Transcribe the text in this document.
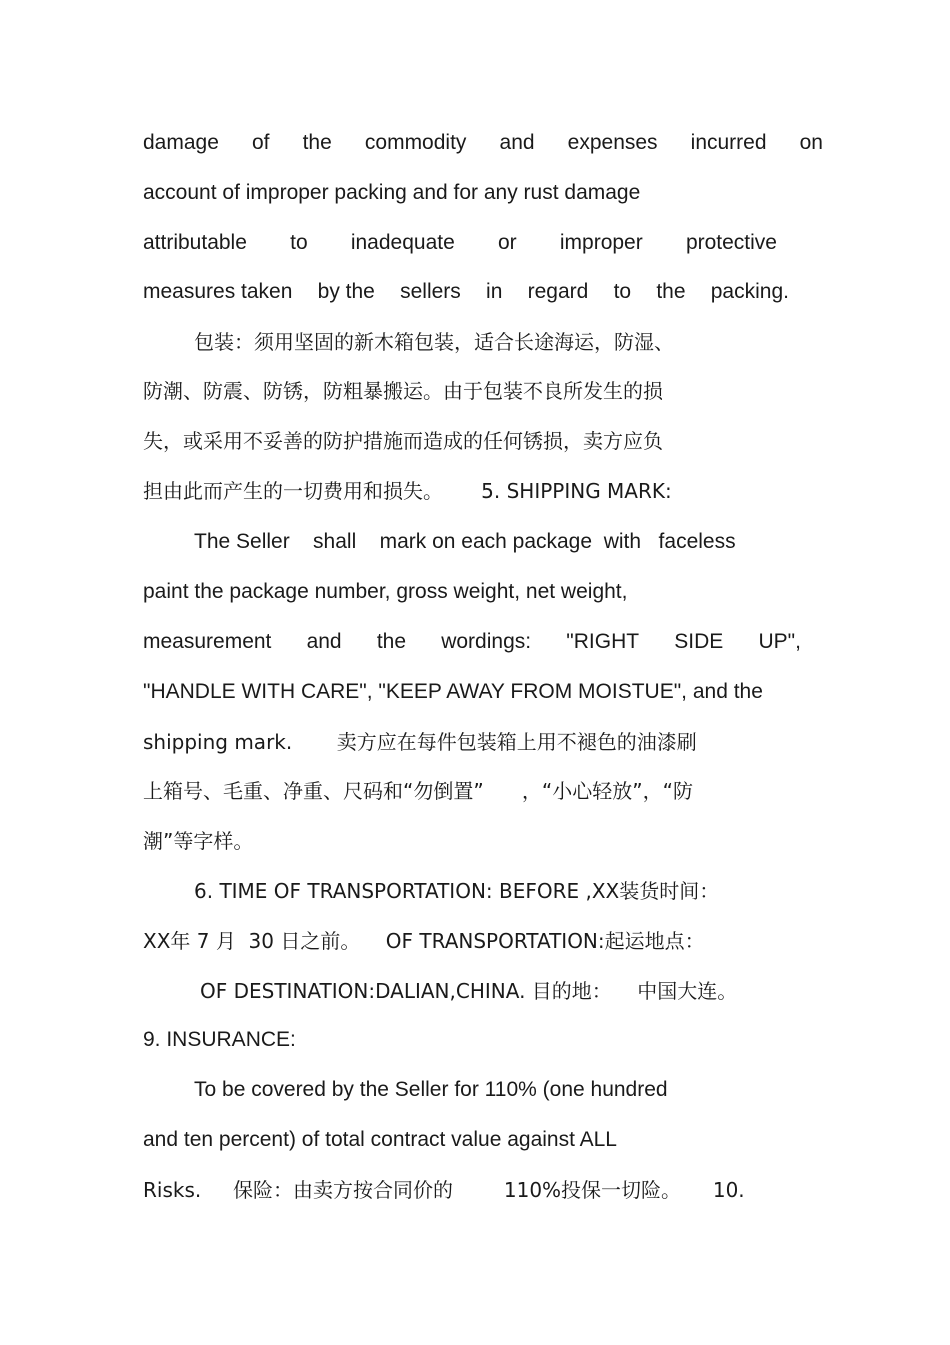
damage of the commodity and expenses incurred on
account of improper packing and for any rust damage
attributable to inadequate or improper protective
measures taken by the sellers in regard to the packing.
包装：须用坚固的新木箱包装，适合长途海运，防湿、
防潮、防震、防锈，防粗暴搬运。由于包装不良所发生的损
失，或采用不妥善的防护措施而造成的任何锈损，卖方应负
担由此而产生的一切费用和损失。      5. SHIPPING MARK:
The Seller    shall    mark on each package  with   faceless
paint the package number, gross weight, net weight,
measurement and the wordings: "RIGHT SIDE UP",
"HANDLE WITH CARE", "KEEP AWAY FROM MOISTUE", and the
shipping mark.       卖方应在每件包装箱上用不褪色的油漆刷
上箱号、毛重、净重、尺码和“勿倒置”      ，“小心轻放”，“防
潮”等字样。
6. TIME OF TRANSPORTATION: BEFORE ,XX装货时间：
XX年 7 月  30 日之前。    OF TRANSPORTATION:起运地点：
OF DESTINATION:DALIAN,CHINA. 目的地：    中国大连。
9. INSURANCE:
To be covered by the Seller for 110% (one hundred
and ten percent) of total contract value against ALL
Risks.     保险：由卖方按合同价的        110%投保一切险。     10.
